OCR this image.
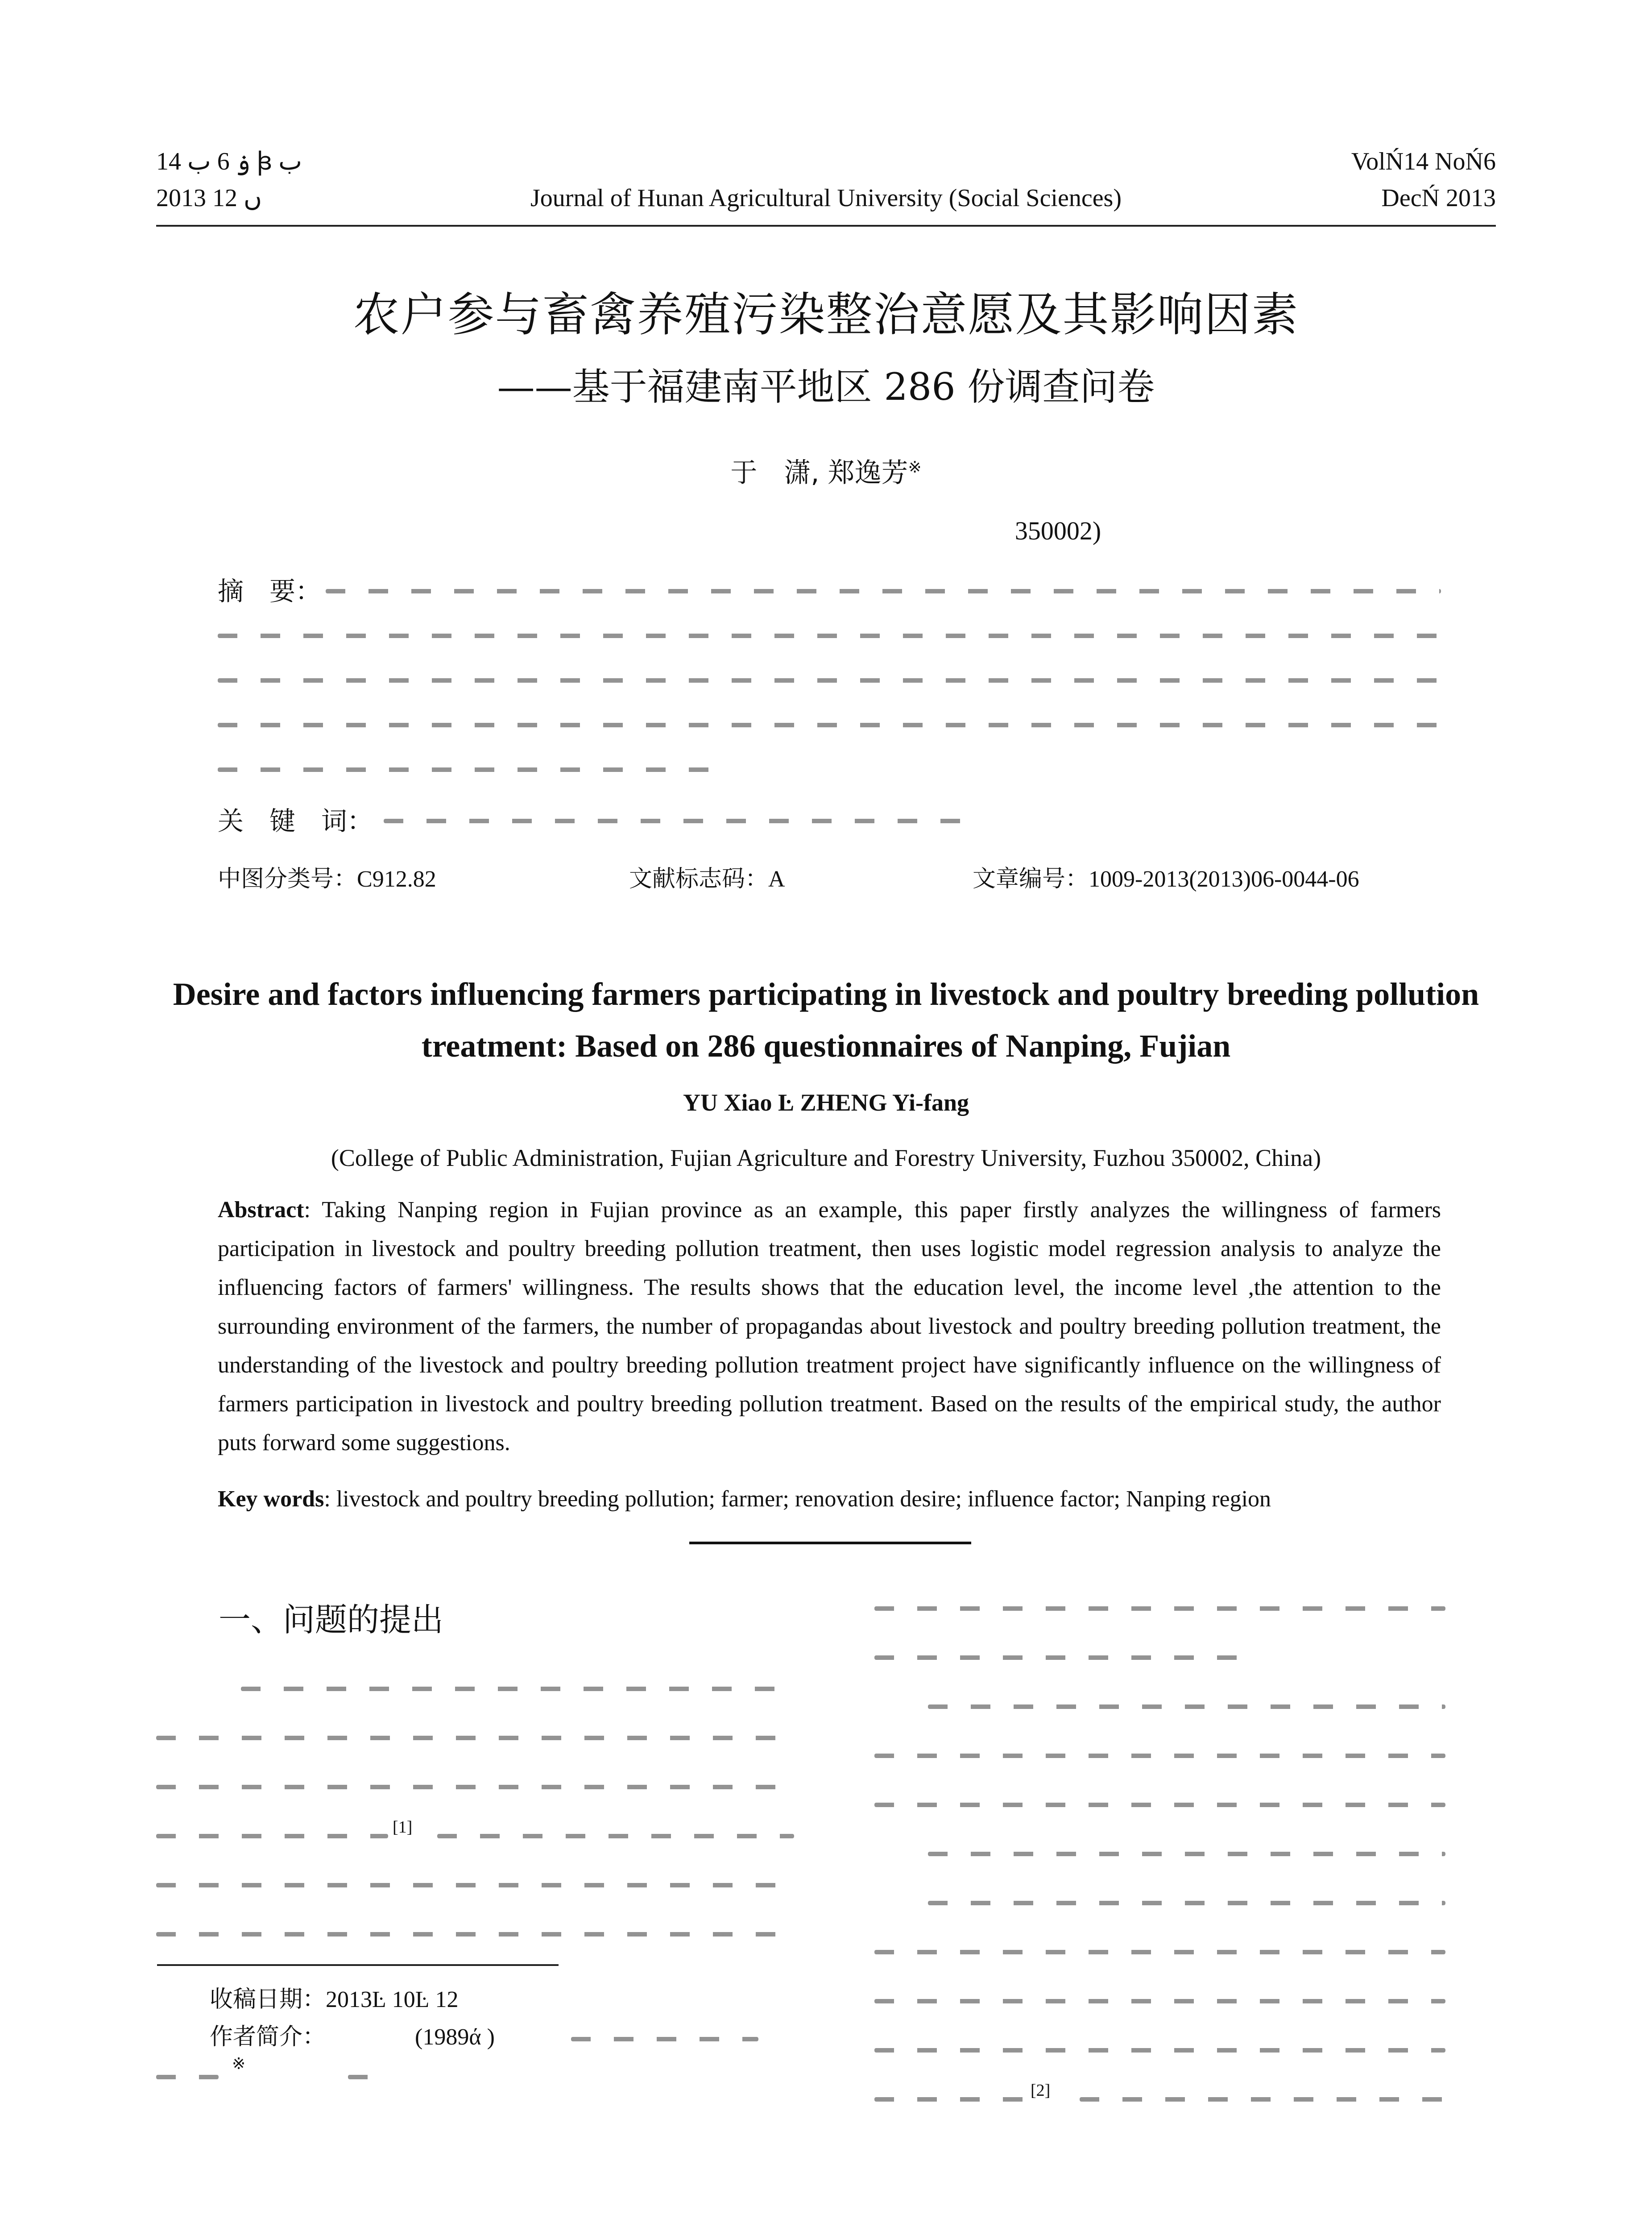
ۏ 6 ب 14 ꟓ ب
2013 ں 12
	Journal of Hunan Agricultural University (Social Sciences)
VolŃ14 NoŃ6
DecŃ 2013
农户参与畜禽养殖污染整治意愿及其影响因素
——基于福建南平地区 286 份调查问卷
于　潇, 郑逸芳※
350002)
摘　要：
关　键　词：
中图分类号：C912.82	文献标志码：A	文章编号：1009-2013(2013)06-0044-06
Desire and factors influencing farmers participating in livestock and poultry breeding pollution treatment: Based on 286 questionnaires of Nanping, Fujian
YU Xiao Ŀ ZHENG Yi-fang
(College of Public Administration, Fujian Agriculture and Forestry University, Fuzhou 350002, China)
Abstract: Taking Nanping region in Fujian province as an example, this paper firstly analyzes the willingness of farmers participation in livestock and poultry breeding pollution treatment, then uses logistic model regression analysis to analyze the influencing factors of farmers' willingness. The results shows that the education level, the income level ,the attention to the surrounding environment of the farmers, the number of propagandas about livestock and poultry breeding pollution treatment, the understanding of the livestock and poultry breeding pollution treatment project have significantly influence on the willingness of farmers participation in livestock and poultry breeding pollution treatment. Based on the results of the empirical study, the author puts forward some suggestions.
Key words: livestock and poultry breeding pollution; farmer; renovation desire; influence factor; Nanping region
一、问题的提出
[1]
收稿日期：2013Ŀ 10Ŀ 12
作者简介：	(1989ά )
※
[2]
